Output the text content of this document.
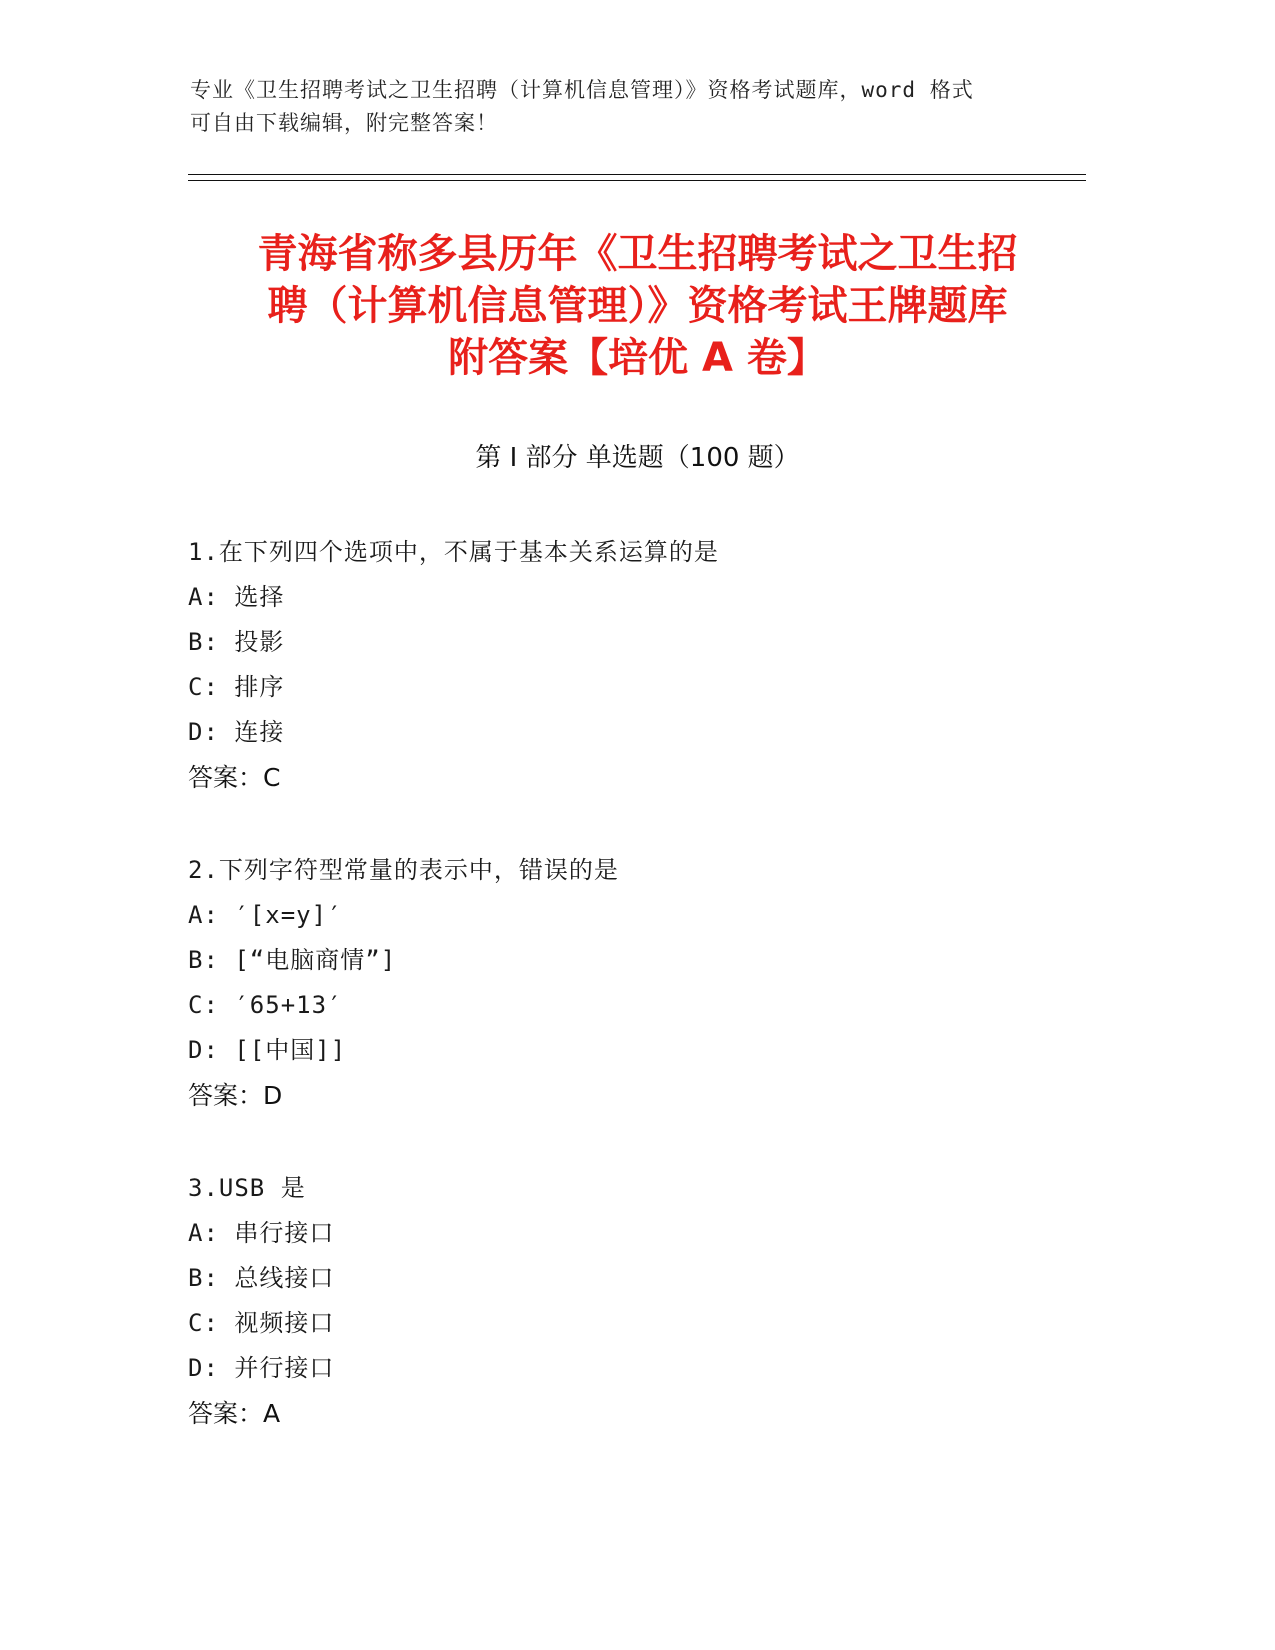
专业《卫生招聘考试之卫生招聘（计算机信息管理）》资格考试题库，word 格式
可自由下载编辑，附完整答案！
青海省称多县历年《卫生招聘考试之卫生招
聘（计算机信息管理）》资格考试王牌题库
附答案【培优 A 卷】
第 I 部分 单选题（100 题）
1.在下列四个选项中，不属于基本关系运算的是
A: 选择
B: 投影
C: 排序
D: 连接
答案：C
2.下列字符型常量的表示中，错误的是
A: ′[x=y]′
B: [“电脑商情”]
C: ′65+13′
D: [[中国]]
答案：D
3.USB 是
A: 串行接口
B: 总线接口
C: 视频接口
D: 并行接口
答案：A
